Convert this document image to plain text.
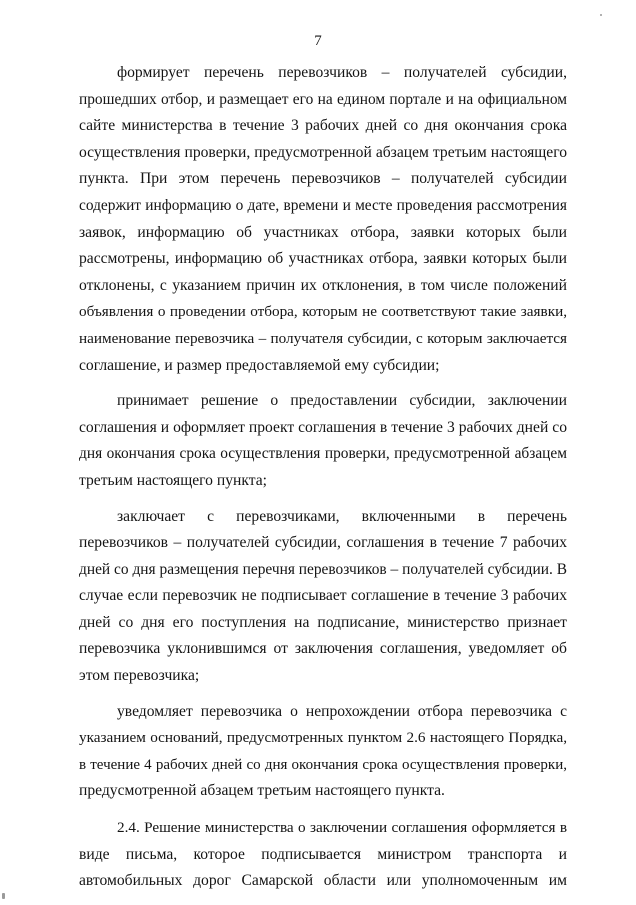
7

формирует перечень перевозчиков – получателей субсидии,
прошедших отбор, и размещает его на едином портале и на официальном
сайте министерства в течение 3 рабочих дней со дня окончания срока
осуществления проверки, предусмотренной абзацем третьим настоящего
пункта. При этом перечень перевозчиков – получателей субсидии
содержит информацию о дате, времени и месте проведения рассмотрения
заявок, информацию об участниках отбора, заявки которых были
рассмотрены, информацию об участниках отбора, заявки которых были
отклонены, с указанием причин их отклонения, в том числе положений
объявления о проведении отбора, которым не соответствуют такие заявки,
наименование перевозчика – получателя субсидии, с которым заключается
соглашение, и размер предоставляемой ему субсидии;

принимает решение о предоставлении субсидии, заключении
соглашения и оформляет проект соглашения в течение 3 рабочих дней со
дня окончания срока осуществления проверки, предусмотренной абзацем
третьим настоящего пункта;

заключает с перевозчиками, включенными в перечень
перевозчиков – получателей субсидии, соглашения в течение 7 рабочих
дней со дня размещения перечня перевозчиков – получателей субсидии. В
случае если перевозчик не подписывает соглашение в течение 3 рабочих
дней со дня его поступления на подписание, министерство признает
перевозчика уклонившимся от заключения соглашения, уведомляет об
этом перевозчика;

уведомляет перевозчика о непрохождении отбора перевозчика с
указанием оснований, предусмотренных пунктом 2.6 настоящего Порядка,
в течение 4 рабочих дней со дня окончания срока осуществления проверки,
предусмотренной абзацем третьим настоящего пункта.

2.4. Решение министерства о заключении соглашения оформляется в
виде письма, которое подписывается министром транспорта и
автомобильных дорог Самарской области или уполномоченным им
